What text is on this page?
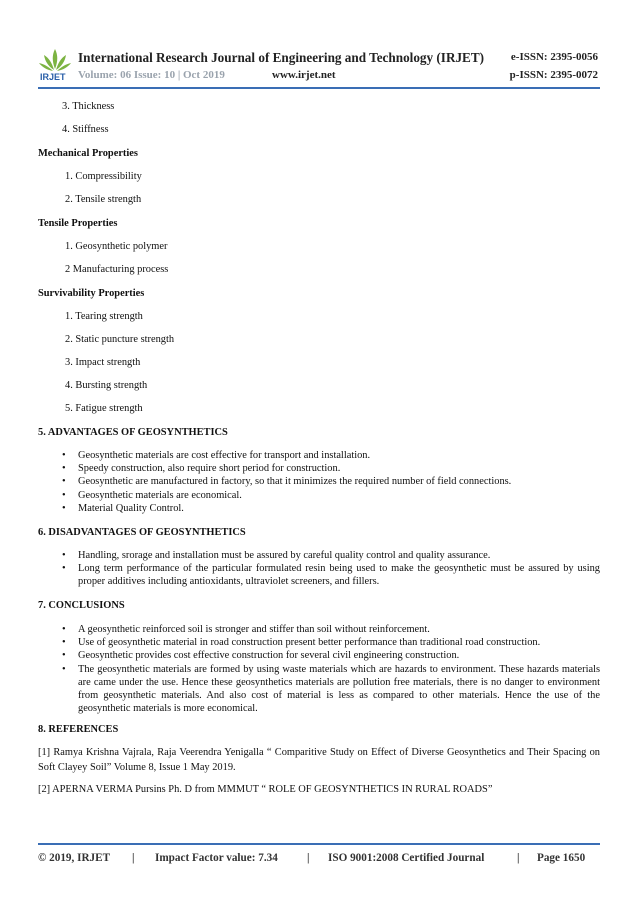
IRJET
International Research Journal of Engineering and Technology (IRJET) e-ISSN: 2395-0056
Volume: 06 Issue: 10 | Oct 2019	www.irjet.net	p-ISSN: 2395-0072
3. Thickness
4. Stiffness
Mechanical Properties
1. Compressibility
2. Tensile strength
Tensile Properties
1. Geosynthetic polymer
2 Manufacturing process
Survivability Properties
1. Tearing strength
2. Static puncture strength
3. Impact strength
4. Bursting strength
5. Fatigue strength
5. ADVANTAGES OF GEOSYNTHETICS
• Geosynthetic materials are cost effective for transport and installation.
• Speedy construction, also require short period for construction.
• Geosynthetic are manufactured in factory, so that it minimizes the required number of field connections.
• Geosynthetic materials are economical.
• Material Quality Control.
6. DISADVANTAGES OF GEOSYNTHETICS
• Handling, srorage and installation must be assured by careful quality control and quality assurance.
• Long term performance of the particular formulated resin being used to make the geosynthetic must be assured by using proper additives including antioxidants, ultraviolet screeners, and fillers.
7. CONCLUSIONS
• A geosynthetic reinforced soil is stronger and stiffer than soil without reinforcement.
• Use of geosynthetic material in road construction present better performance than traditional road construction.
• Geosynthetic provides cost effective construction for several civil engineering construction.
• The geosynthetic materials are formed by using waste materials which are hazards to environment. These hazards materials are came under the use. Hence these geosynthetics materials are pollution free materials, there is no danger to environment from geosynthetic materials. And also cost of material is less as compared to other materials. Hence the use of the geosynthetic materials is more economical.
8. REFERENCES
[1] Ramya Krishna Vajrala, Raja Veerendra Yenigalla “ Comparitive Study on Effect of Diverse Geosynthetics and Their Spacing on Soft Clayey Soil” Volume 8, Issue 1 May 2019.
[2] APERNA VERMA Pursins Ph. D from MMMUT “ ROLE OF GEOSYNTHETICS IN RURAL ROADS”
© 2019, IRJET | Impact Factor value: 7.34	| ISO 9001:2008 Certified Journal	| Page 1650
